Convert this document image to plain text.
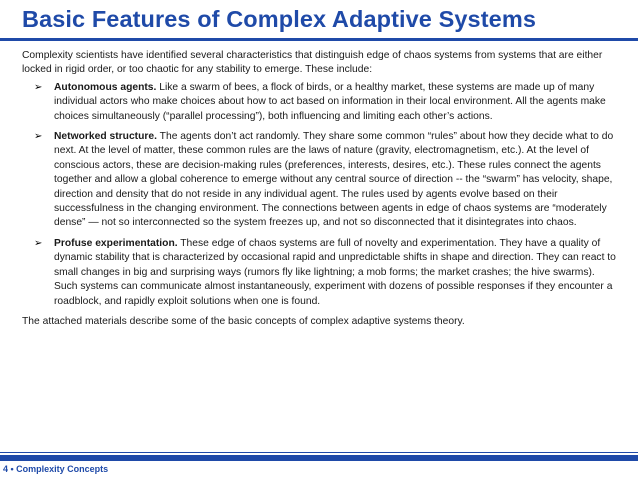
Basic Features of Complex Adaptive Systems

Complexity scientists have identified several characteristics that distinguish edge of chaos systems from systems that are either locked in rigid order, or too chaotic for any stability to emerge. These include:

➢ Autonomous agents. Like a swarm of bees, a flock of birds, or a healthy market, these systems are made up of many individual actors who make choices about how to act based on information in their local environment. All the agents make choices simultaneously (“parallel processing”), both influencing and limiting each other’s actions.
➢ Networked structure. The agents don’t act randomly. They share some common “rules” about how they decide what to do next. At the level of matter, these common rules are the laws of nature (gravity, electromagnetism, etc.). At the level of conscious actors, these are decision-making rules (preferences, interests, desires, etc.). These rules connect the agents together and allow a global coherence to emerge without any central source of direction -- the “swarm” has velocity, shape, direction and density that do not reside in any individual agent. The rules used by agents evolve based on their successfulness in the changing environment. The connections between agents in edge of chaos systems are “moderately dense” — not so interconnected so the system freezes up, and not so disconnected that it disintegrates into chaos.
➢ Profuse experimentation. These edge of chaos systems are full of novelty and experimentation. They have a quality of dynamic stability that is characterized by occasional rapid and unpredictable shifts in shape and direction. They can react to small changes in big and surprising ways (rumors fly like lightning; a mob forms; the market crashes; the hive swarms). Such systems can communicate almost instantaneously, experiment with dozens of possible responses if they encounter a roadblock, and rapidly exploit solutions when one is found.

The attached materials describe some of the basic concepts of complex adaptive systems theory.

4 • Complexity Concepts
